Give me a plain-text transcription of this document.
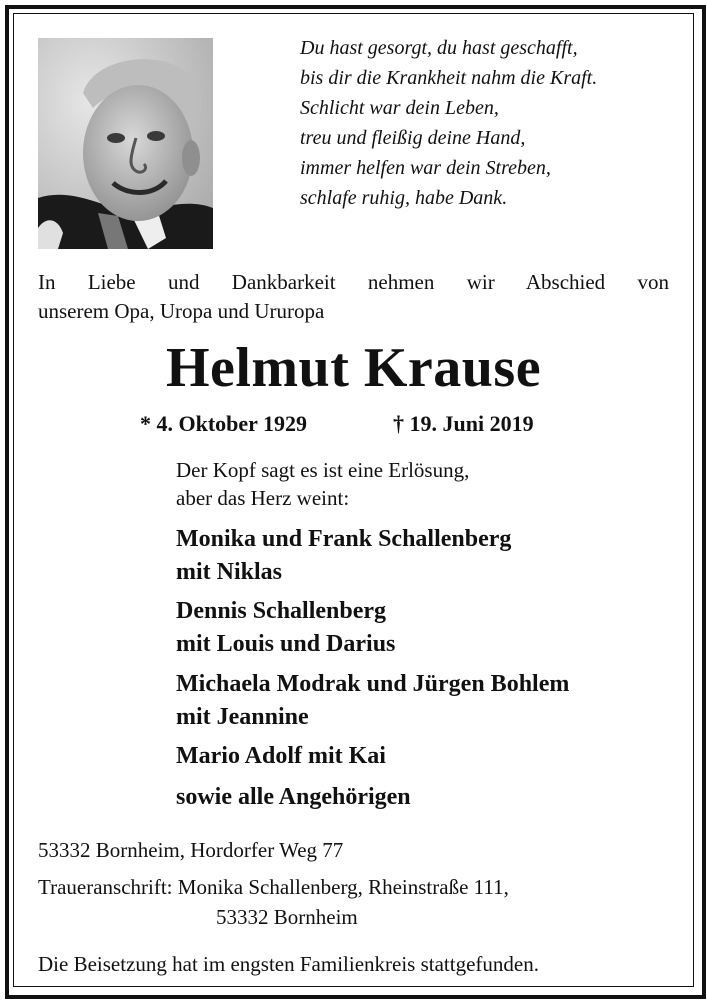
Du hast gesorgt, du hast geschafft,
bis dir die Krankheit nahm die Kraft.
Schlicht war dein Leben,
treu und fleißig deine Hand,
immer helfen war dein Streben,
schlafe ruhig, habe Dank.
In Liebe und Dankbarkeit nehmen wir Abschied von
unserem Opa, Uropa und Ururopa
Helmut Krause
* 4. Oktober 1929	† 19. Juni 2019
Der Kopf sagt es ist eine Erlösung,
aber das Herz weint:
Monika und Frank Schallenberg
mit Niklas
Dennis Schallenberg
mit Louis und Darius
Michaela Modrak und Jürgen Bohlem
mit Jeannine
Mario Adolf mit Kai
sowie alle Angehörigen
53332 Bornheim, Hordorfer Weg 77
Traueranschrift: Monika Schallenberg, Rheinstraße 111,
53332 Bornheim
Die Beisetzung hat im engsten Familienkreis stattgefunden.
